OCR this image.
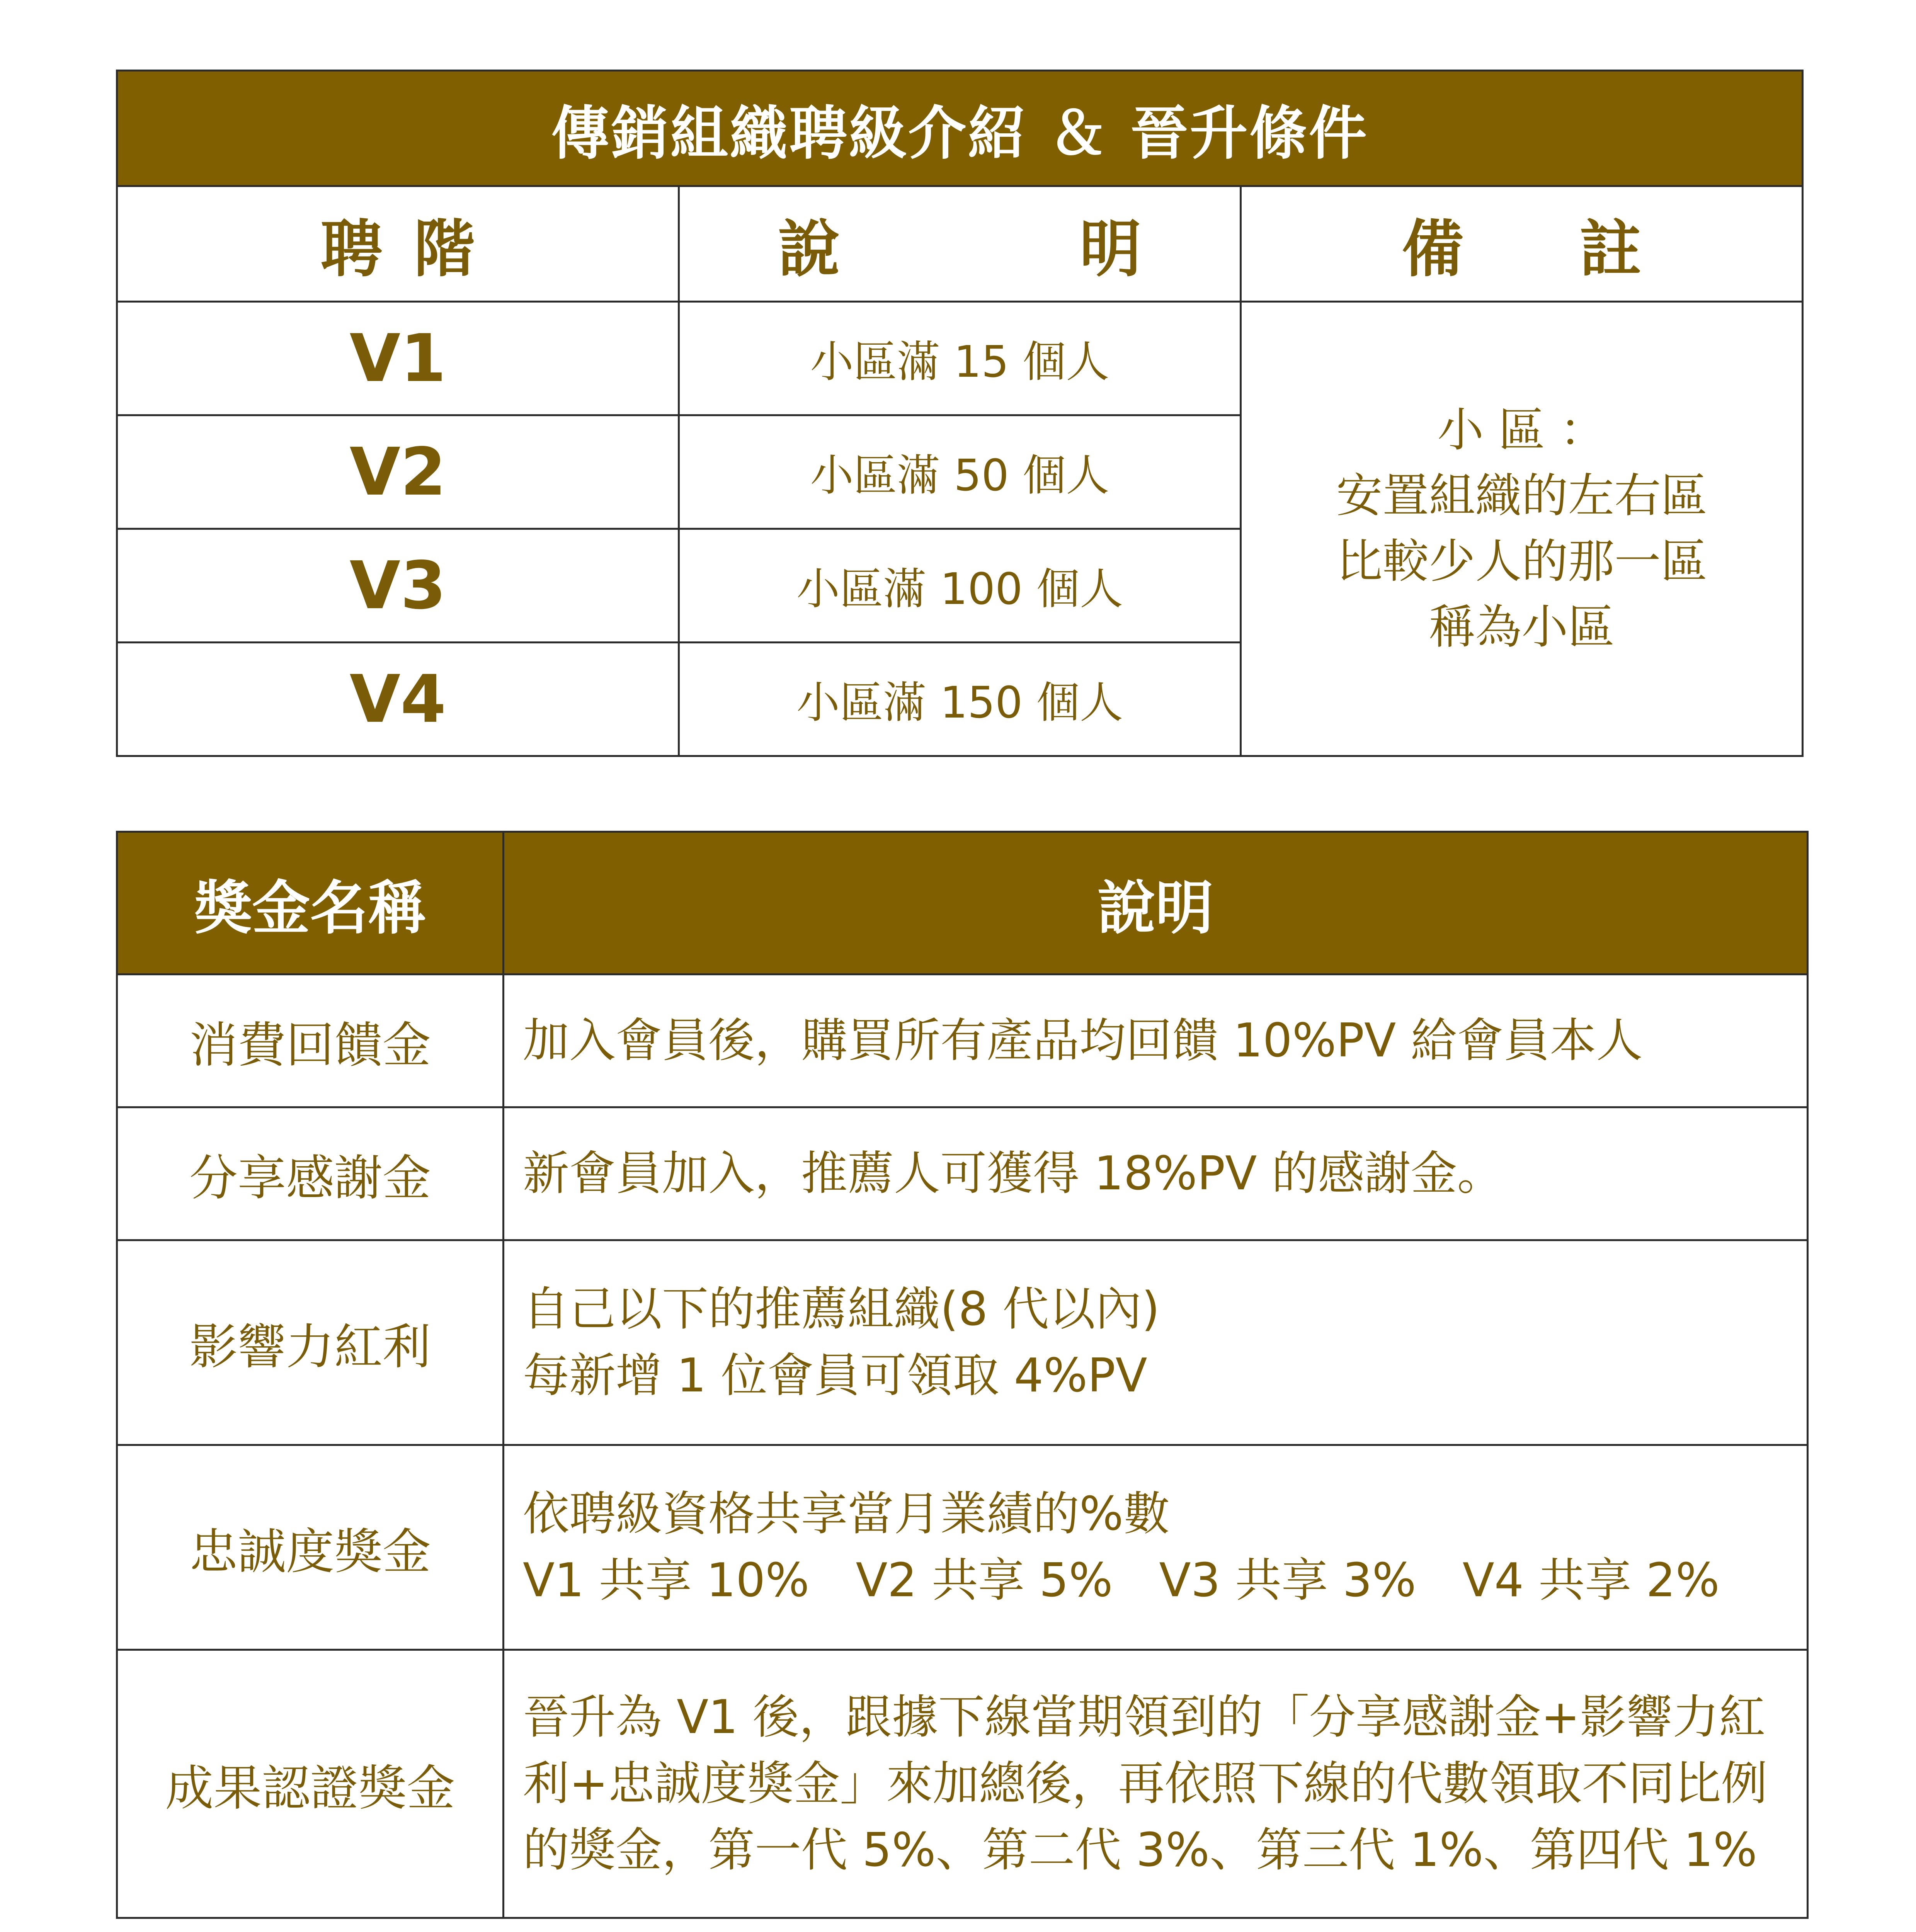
傳銷組織聘級介紹 ＆ 晉升條件		
聘 階	說 明	備 註
V1	小區滿 15 個人	小 區 ：
安置組織的左右區
比較少人的那一區
稱為小區

V2	小區滿 50 個人	
V3	小區滿 100 個人	
V4	小區滿 150 個人	
獎金名稱	說明
消費回饋金	加入會員後，購買所有產品均回饋 10%PV 給會員本人

分享感謝金	新會員加入，推薦人可獲得 18%PV 的感謝金。

影響力紅利	自己以下的推薦組織(8 代以內)
每新增 1 位會員可領取 4%PV

忠誠度獎金	依聘級資格共享當月業績的%數
V1 共享 10%　V2 共享 5%　V3 共享 3%　V4 共享 2%

成果認證獎金	晉升為 V1 後，跟據下線當期領到的「分享感謝金+影響力紅
利+忠誠度獎金」來加總後，再依照下線的代數領取不同比例
的獎金，第一代 5%、第二代 3%、第三代 1%、第四代 1%
